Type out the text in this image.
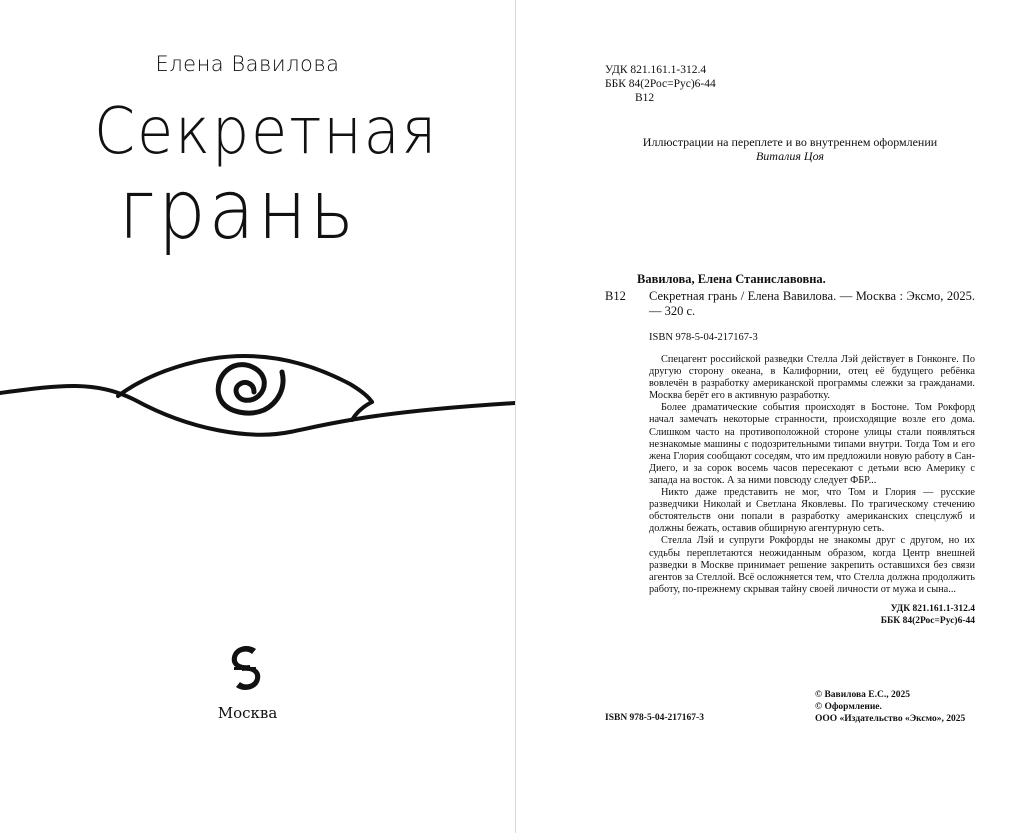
Елена Вавилова
Секретная
грань
Москва
УДК 821.161.1-312.4
ББК 84(2Рос=Рус)6-44
В12
Иллюстрации на переплете и во внутреннем оформлении
Виталия Цоя
Вавилова, Елена Станиславовна.
В12 Секретная грань / Елена Вавилова. — Москва : Эксмо, 2025. — 320 с.
ISBN 978-5-04-217167-3

Спецагент российской разведки Стелла Лэй действует в Гонконге. По другую сторону океана, в Калифорнии, отец её будущего ребёнка вовлечён в разработку американской программы слежки за гражданами. Москва берёт его в активную разработку.

Более драматические события происходят в Бостоне. Том Рокфорд начал замечать некоторые странности, происходящие возле его дома. Слишком часто на противоположной стороне улицы стали появляться незнакомые машины с подозрительными типами внутри. Тогда Том и его жена Глория сообщают соседям, что им предложили новую работу в Сан-Диего, и за сорок восемь часов пересекают с детьми всю Америку с запада на восток. А за ними повсюду следует ФБР...

Никто даже представить не мог, что Том и Глория — русские разведчики Николай и Светлана Яковлевы. По трагическому стечению обстоятельств они попали в разработку американских спецслужб и должны бежать, оставив обширную агентурную сеть.

Стелла Лэй и супруги Рокфорды не знакомы друг с другом, но их судьбы переплетаются неожиданным образом, когда Центр внешней разведки в Москве принимает решение закрепить оставшихся без связи агентов за Стеллой. Всё осложняется тем, что Стелла должна продолжить работу, по-прежнему скрывая тайну своей личности от мужа и сына...

УДК 821.161.1-312.4
ББК 84(2Рос=Рус)6-44
© Вавилова Е.С., 2025
© Оформление.
ООО «Издательство «Эксмо», 2025
ISBN 978-5-04-217167-3
